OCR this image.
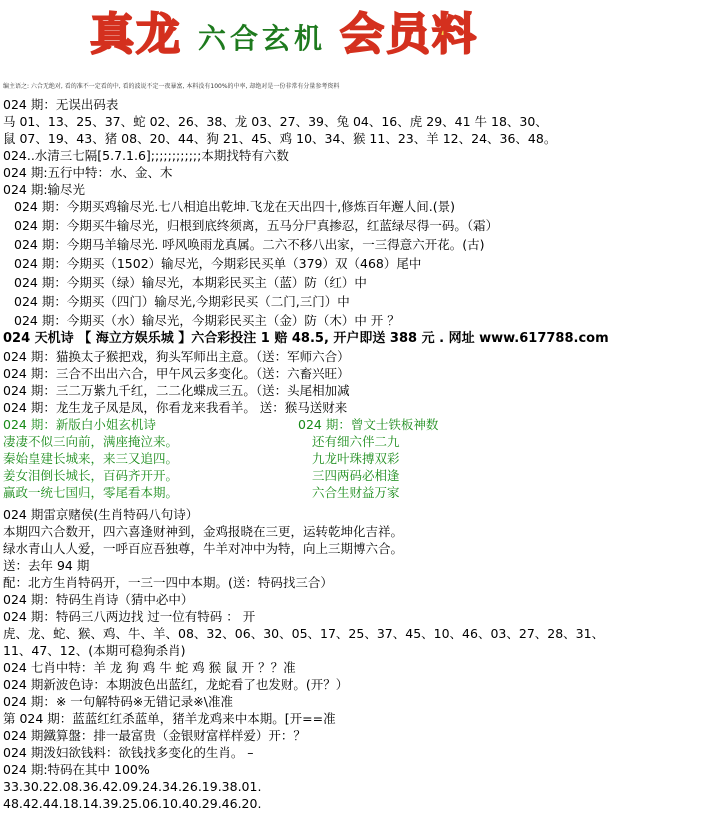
真龙 六合玄机 会员料
编主语之: 六合无绝对, 看的准不一定看的中, 看的波说不定一夜暴富, 本料没有100%的中率, 却绝对是一份非常有分量参考资料
024 期：无误出码表
马 01、13、25、37、蛇 02、26、38、龙 03、27、39、兔 04、16、虎 29、41 牛 18、30、
鼠 07、19、43、猪 08、20、44、狗 21、45、鸡 10、34、猴 11、23、羊 12、24、36、48。
024..水清三七隔[5.7.1.6];;;;;;;;;;;;本期找特有六数
024 期:五行中特：水、金、木
024 期:输尽光
024 期：今期买鸡输尽光.七八相追出乾坤.飞龙在天出四十,修炼百年邂人间.(景)
024 期：今期买牛输尽光，归根到底终须离，五马分尸真掺忍，红蓝绿尽得一码。（霜）
024 期：今期马羊输尽光. 呼风唤雨龙真属。二六不移八出家，一三得意六开花。(古)
024 期：今期买（1502）输尽光，今期彩民买单（379）双（468）尾中
024 期：今期买（绿）输尽光，本期彩民买主（蓝）防（红）中
024 期：今期买（四门）输尽光,今期彩民买（二门,三门）中
024 期：今期买（水）输尽光，今期彩民买主（金）防（木）中 开 ？
024 天机诗 【 海立方娱乐城 】六合彩投注 1 赔 48.5, 开户即送 388 元 . 网址 www.617788.com
024 期：猫换太子猴把戏，狗头军师出主意。（送：军师六合）
024 期：三合不出出六合，甲午风云多变化。（送：六畜兴旺）
024 期：三二万紫九千红，二二化蝶成三五。（送：头尾相加减
024 期：龙生龙子凤是凤，你看龙来我看羊。 送：猴马送财来
024 期：新版白小姐玄机诗
凄凄不似三向前，满座掩泣来。
秦始皇建长城来，来三又追四。
姜女泪倒长城长，百码齐开开。
赢政一统七国归，零尾看本期。
024 期：曾文士铁板神数
还有细六伴二九
九龙叶珠搏双彩
三四两码必相逢
六合生财益万家
024 期雷京赌侯(生肖特码八句诗）
本期四六合数开，四六喜逢财神到，金鸡报晓在三更，运转乾坤化吉祥。
绿水青山人人爱，一呼百应吾独尊，牛羊对冲中为特，向上三期博六合。
送：去年 94 期
配：北方生肖特码开，一三一四中本期。(送：特码找三合）
024 期：特码生肖诗（猜中必中）
024 期：特码三八两边找 过一位有特码 ： 开
虎、龙、蛇、猴、鸡、牛、羊、08、32、06、30、05、17、25、37、45、10、46、03、27、28、31、
11、47、12、(本期可稳狗杀肖)
024 七肖中特：羊 龙 狗 鸡 牛 蛇 鸡 猴 鼠 开 ？？准
024 期新波色诗：本期波色出蓝红，龙蛇看了也发财。(开？）
024 期：※ 一句解特码※无错记录※\准准
第 024 期：蓝蓝红红杀蓝单，猪羊龙鸡来中本期。[开==准
024 期鐵算盤：排一最富贵（金银财富样样爱）开：？
024 期泼妇欲钱料：欲钱找多变化的生肖。 –
024 期:特码在其中 100%
33.30.22.08.36.42.09.24.34.26.19.38.01.
48.42.44.18.14.39.25.06.10.40.29.46.20.
